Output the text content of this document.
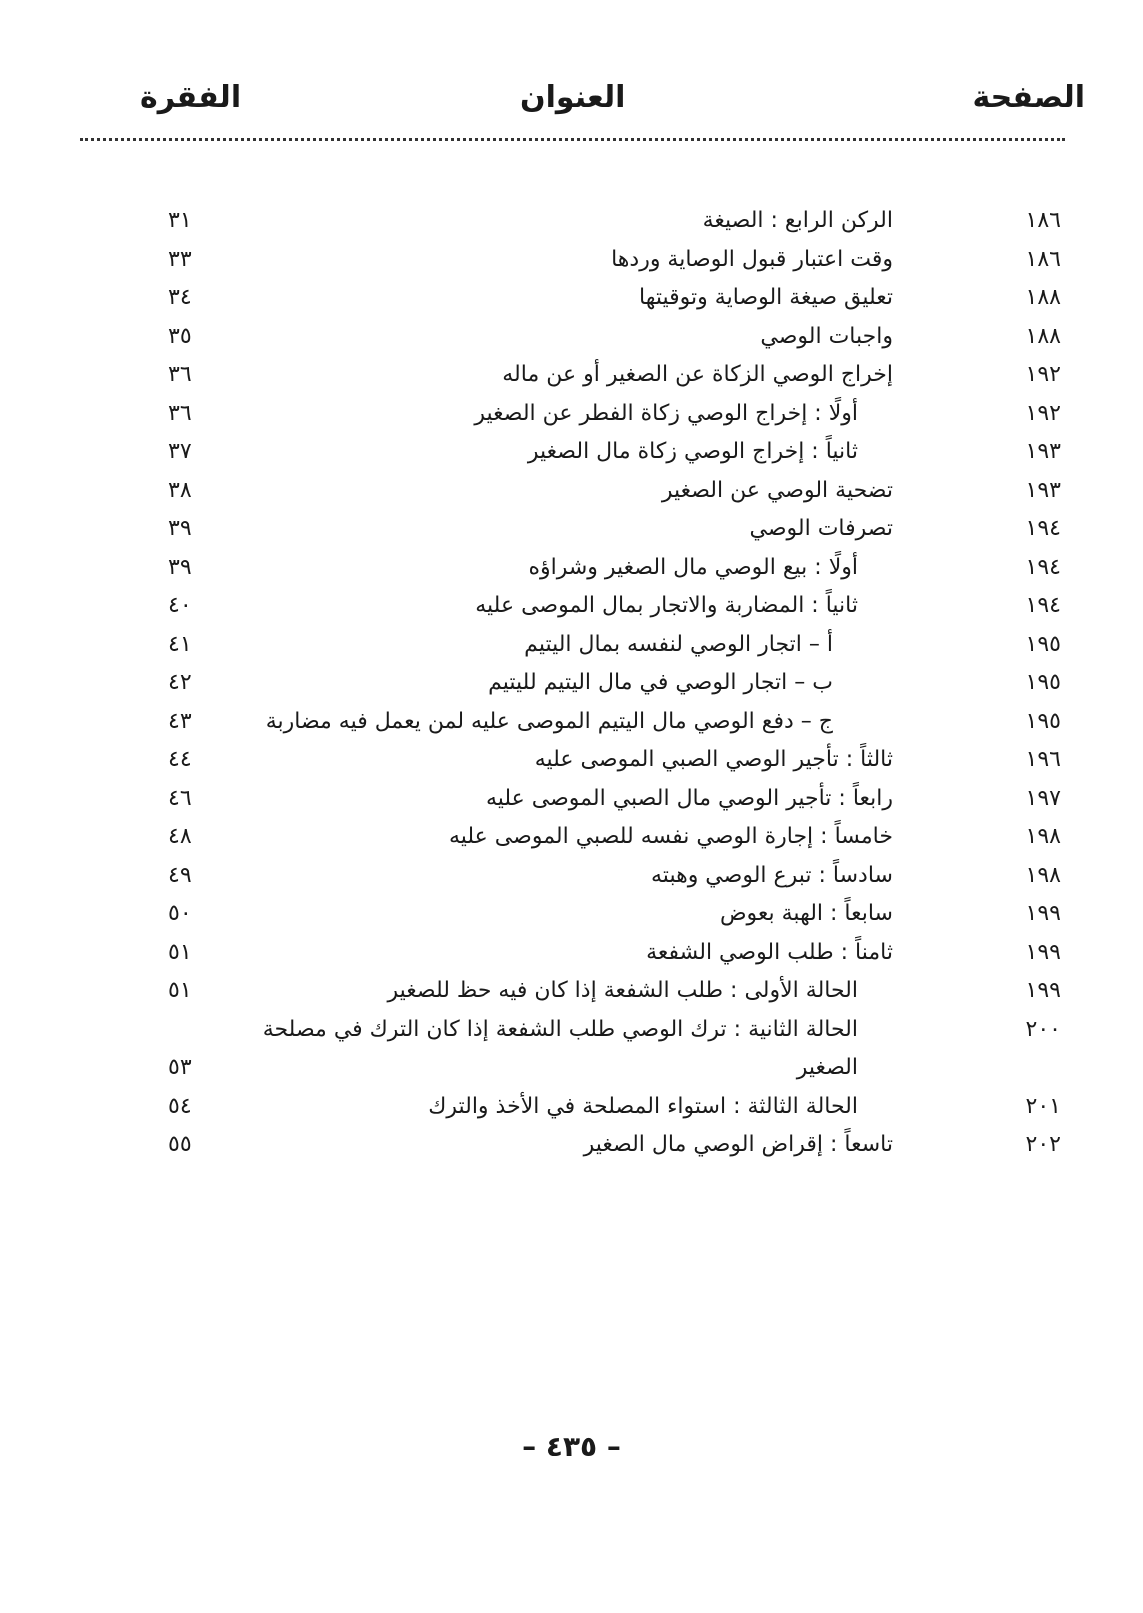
الصفحة
العنوان
الفقرة
١٨٦
الركن الرابع : الصيغة
٣١
١٨٦
وقت اعتبار قبول الوصاية وردها
٣٣
١٨٨
تعليق صيغة الوصاية وتوقيتها
٣٤
١٨٨
واجبات الوصي
٣٥
١٩٢
إخراج الوصي الزكاة عن الصغير أو عن ماله
٣٦
١٩٢
أولًا : إخراج الوصي زكاة الفطر عن الصغير
٣٦
١٩٣
ثانياً : إخراج الوصي زكاة مال الصغير
٣٧
١٩٣
تضحية الوصي عن الصغير
٣٨
١٩٤
تصرفات الوصي
٣٩
١٩٤
أولًا : بيع الوصي مال الصغير وشراؤه
٣٩
١٩٤
ثانياً : المضاربة والاتجار بمال الموصى عليه
٤٠
١٩٥
أ – اتجار الوصي لنفسه بمال اليتيم
٤١
١٩٥
ب – اتجار الوصي في مال اليتيم لليتيم
٤٢
١٩٥
ج – دفع الوصي مال اليتيم الموصى عليه لمن يعمل فيه مضاربة
٤٣
١٩٦
ثالثاً : تأجير الوصي الصبي الموصى عليه
٤٤
١٩٧
رابعاً : تأجير الوصي مال الصبي الموصى عليه
٤٦
١٩٨
خامساً : إجارة الوصي نفسه للصبي الموصى عليه
٤٨
١٩٨
سادساً : تبرع الوصي وهبته
٤٩
١٩٩
سابعاً : الهبة بعوض
٥٠
١٩٩
ثامناً : طلب الوصي الشفعة
٥١
١٩٩
الحالة الأولى : طلب الشفعة إذا كان فيه حظ للصغير
٥١
٢٠٠
الحالة الثانية : ترك الوصي طلب الشفعة إذا كان الترك في مصلحة الصغير
٥٣
٢٠١
الحالة الثالثة : استواء المصلحة في الأخذ والترك
٥٤
٢٠٢
تاسعاً : إقراض الوصي مال الصغير
٥٥
– ٤٣٥ –
